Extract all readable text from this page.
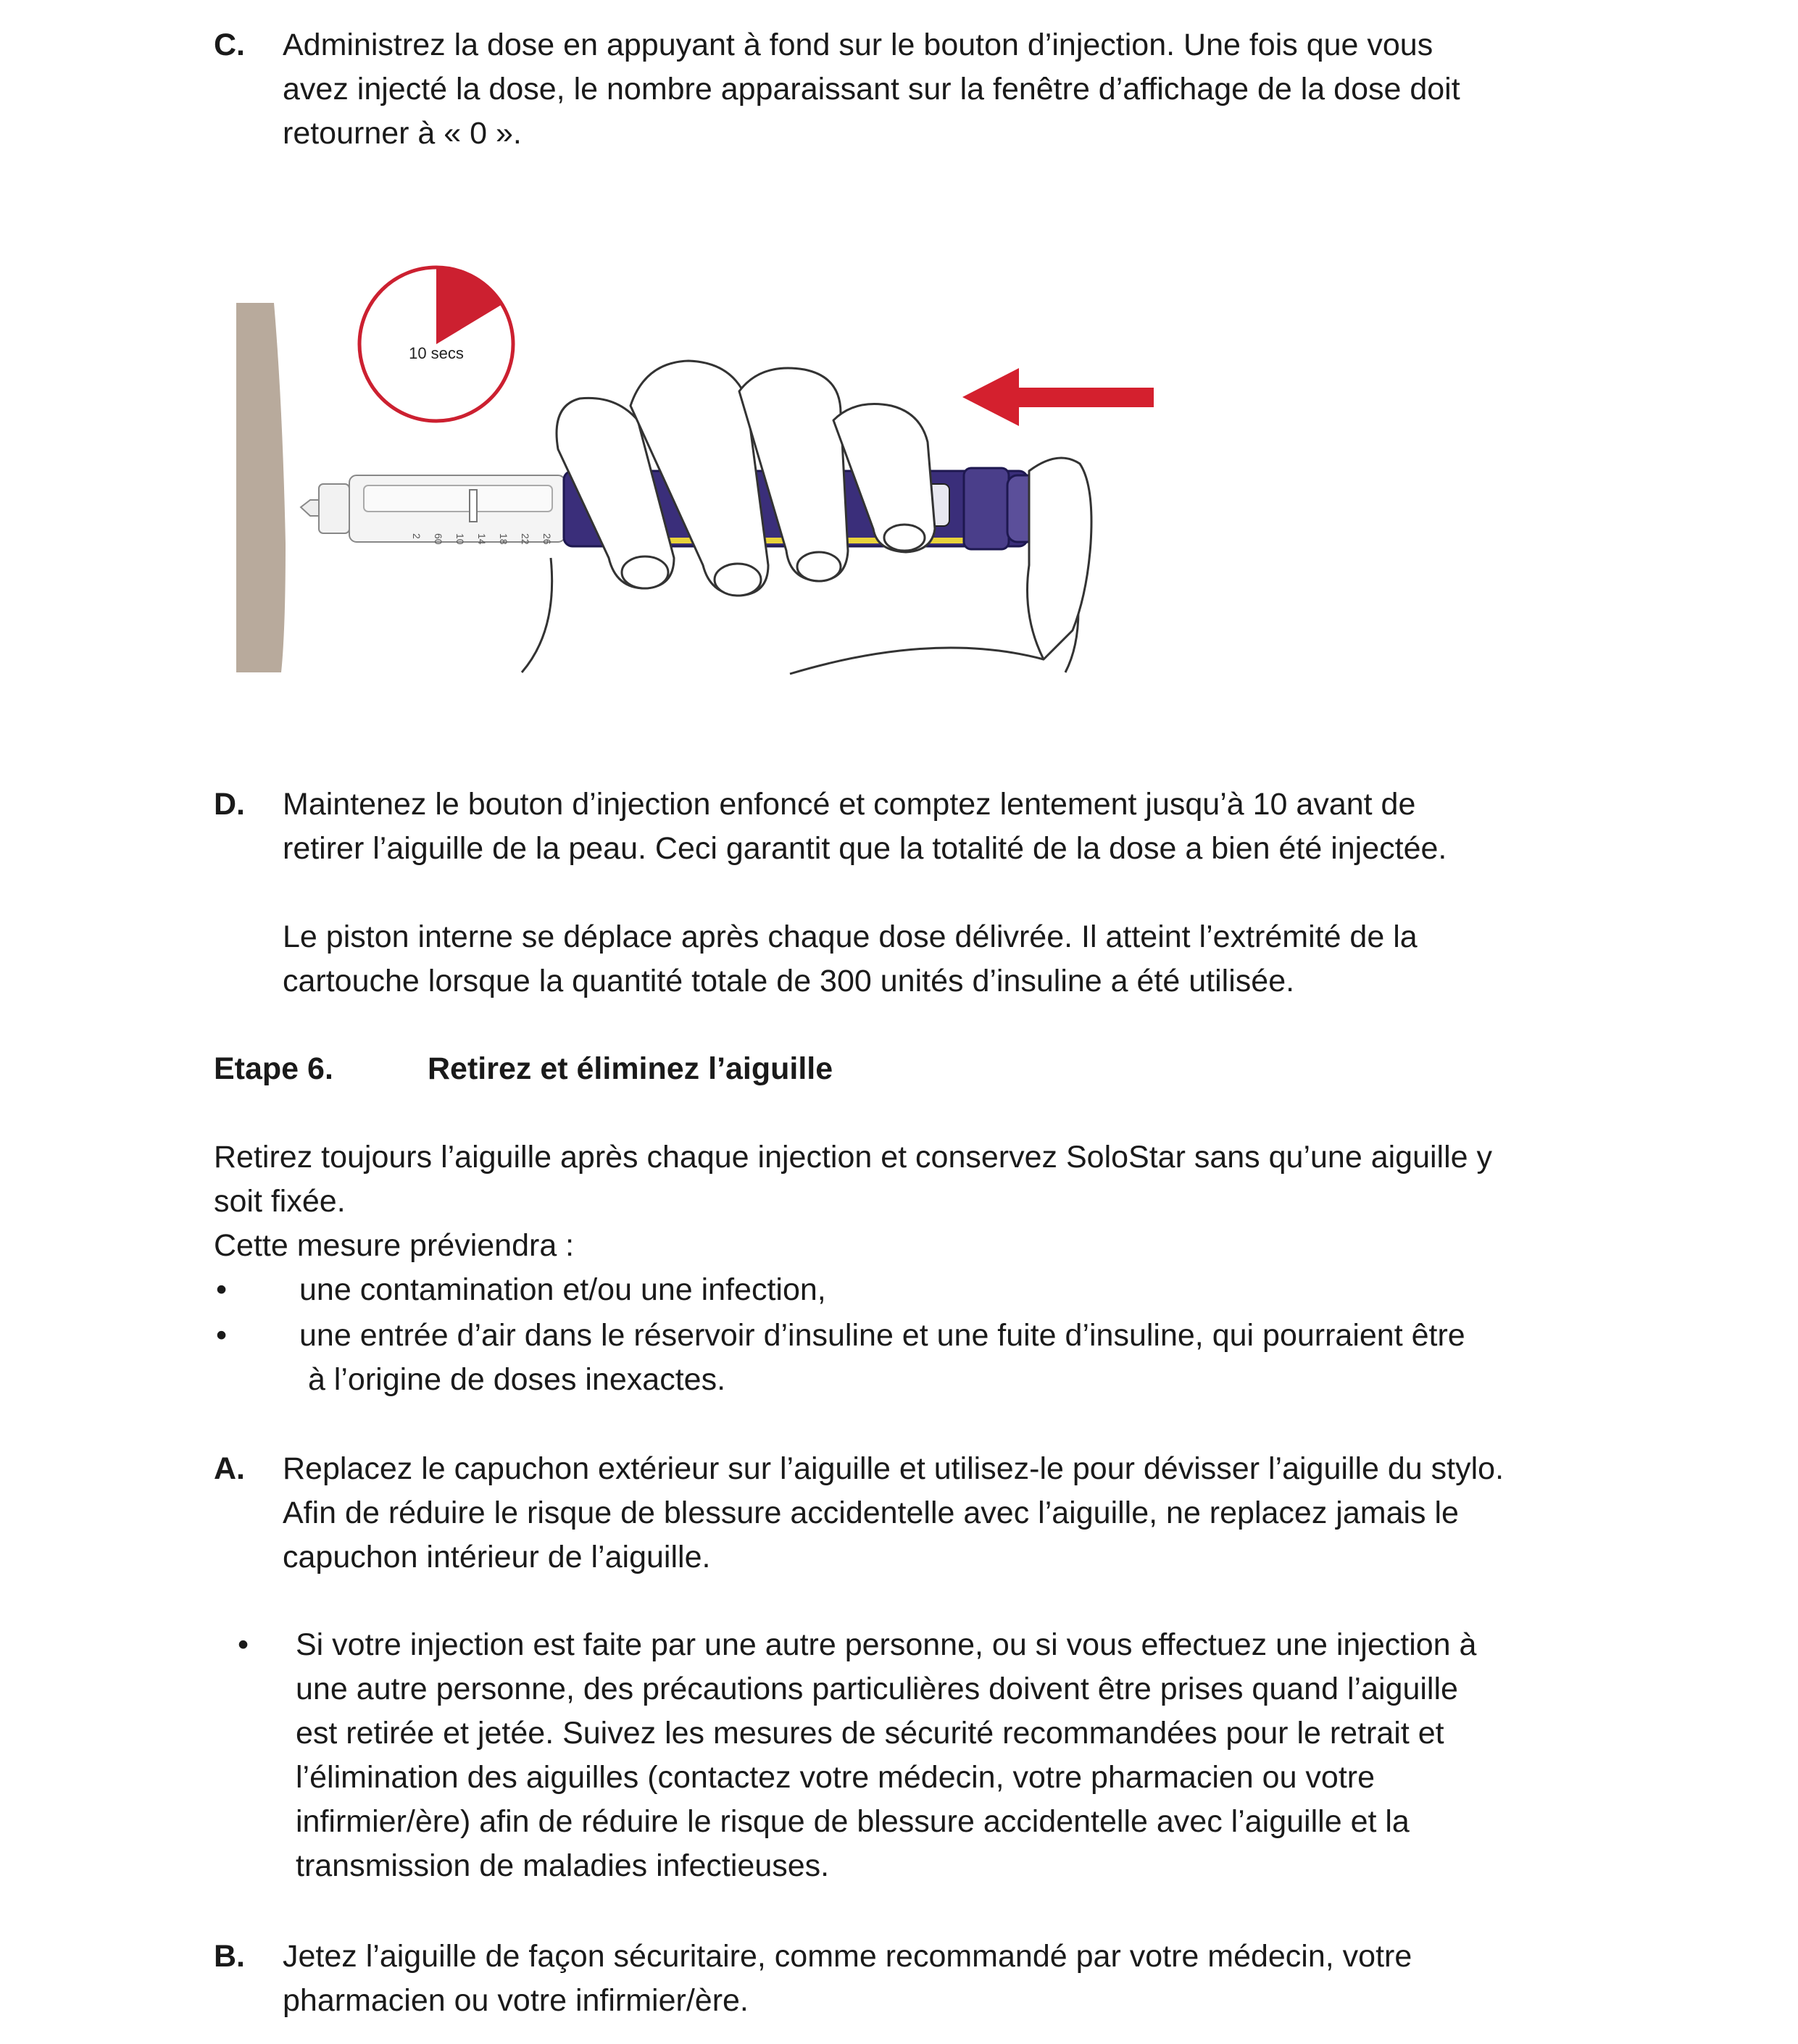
C. Administrez la dose en appuyant à fond sur le bouton d’injection. Une fois que vous
avez injecté la dose, le nombre apparaissant sur la fenêtre d’affichage de la dose doit
retourner à « 0 ».
10 secs
26
22
18
14
10
60
2
D. Maintenez le bouton d’injection enfoncé et comptez lentement jusqu’à 10 avant de
retirer l’aiguille de la peau. Ceci garantit que la totalité de la dose a bien été injectée.
Le piston interne se déplace après chaque dose délivrée. Il atteint l’extrémité de la
cartouche lorsque la quantité totale de 300 unités d’insuline a été utilisée.
Etape 6.	Retirez et éliminez l’aiguille
Retirez toujours l’aiguille après chaque injection et conservez SoloStar sans qu’une aiguille y
soit fixée.
Cette mesure préviendra :
• une contamination et/ou une infection,
• une entrée d’air dans le réservoir d’insuline et une fuite d’insuline, qui pourraient être
à l’origine de doses inexactes.
A. Replacez le capuchon extérieur sur l’aiguille et utilisez-le pour dévisser l’aiguille du stylo.
Afin de réduire le risque de blessure accidentelle avec l’aiguille, ne replacez jamais le
capuchon intérieur de l’aiguille.
• Si votre injection est faite par une autre personne, ou si vous effectuez une injection à
une autre personne, des précautions particulières doivent être prises quand l’aiguille
est retirée et jetée. Suivez les mesures de sécurité recommandées pour le retrait et
l’élimination des aiguilles (contactez votre médecin, votre pharmacien ou votre
infirmier/ère) afin de réduire le risque de blessure accidentelle avec l’aiguille et la
transmission de maladies infectieuses.
B. Jetez l’aiguille de façon sécuritaire, comme recommandé par votre médecin, votre
pharmacien ou votre infirmier/ère.
